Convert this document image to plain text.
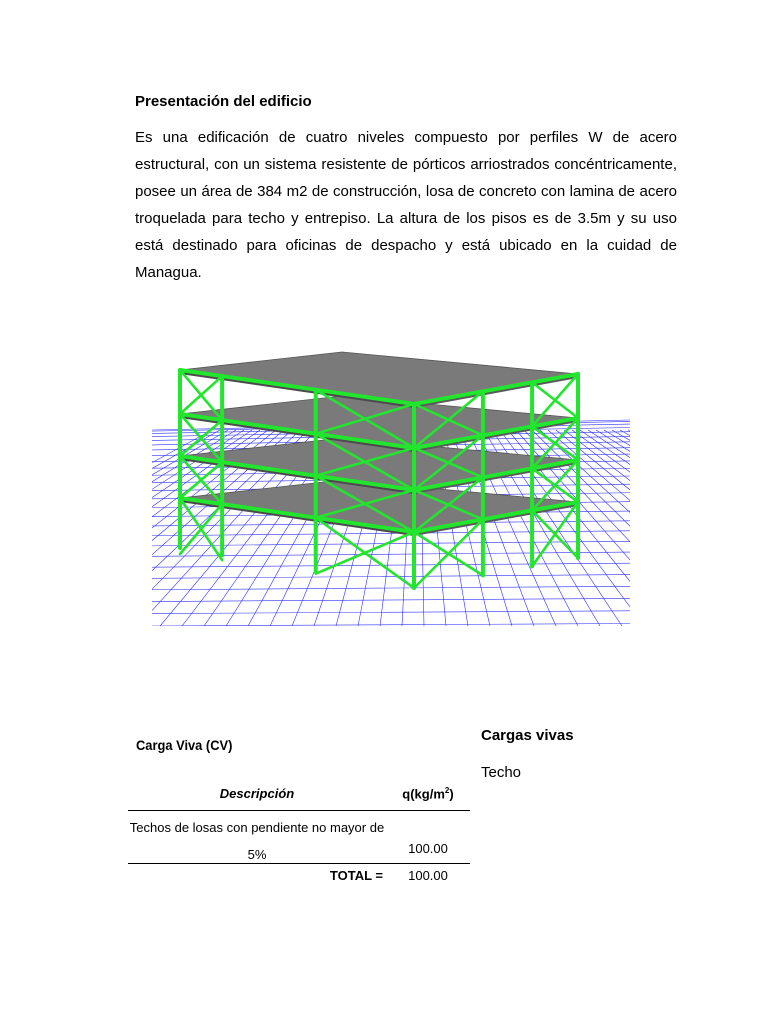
Presentación del edificio
Es una edificación de cuatro niveles compuesto por perfiles W de acero
estructural, con un sistema resistente de pórticos arriostrados concéntricamente,
posee un área de 384 m2 de construcción, losa de concreto con lamina de acero
troquelada para techo y entrepiso. La altura de los pisos es de 3.5m y su uso
está destinado para oficinas de despacho y está ubicado en la cuidad de
Managua.
Carga Viva (CV)
Descripción	$q(kg/m^2)$
Techos de losas con pendiente no mayor de
5%	100.00
TOTAL =	100.00
Cargas vivas
Techo
